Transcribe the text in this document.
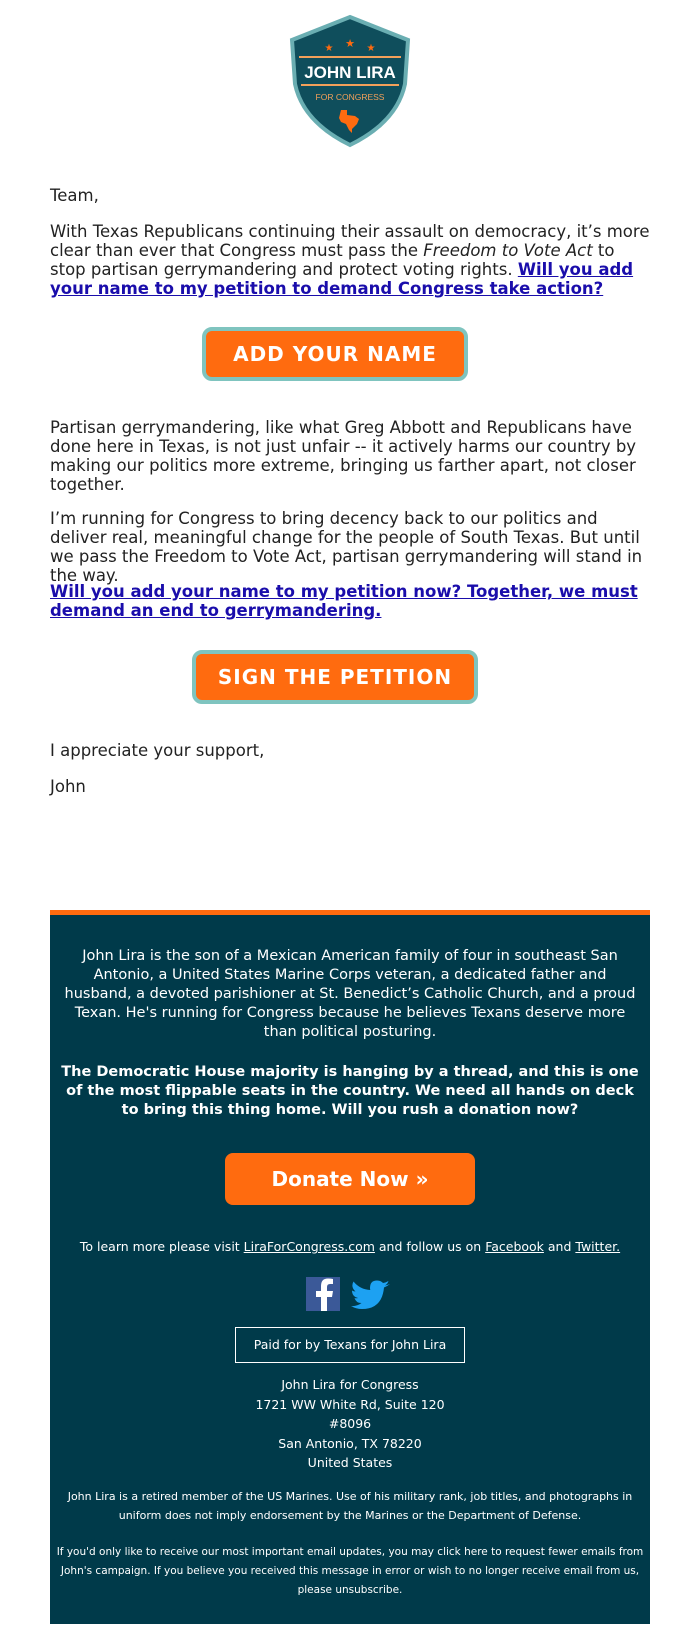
★ ★ ★
JOHN LIRA
FOR CONGRESS

Team,

With Texas Republicans continuing their assault on democracy, it’s more clear than ever that Congress must pass the Freedom to Vote Act to stop partisan gerrymandering and protect voting rights. Will you add your name to my petition to demand Congress take action?

ADD YOUR NAME

Partisan gerrymandering, like what Greg Abbott and Republicans have done here in Texas, is not just unfair -- it actively harms our country by making our politics more extreme, bringing us farther apart, not closer together.

I’m running for Congress to bring decency back to our politics and deliver real, meaningful change for the people of South Texas. But until we pass the Freedom to Vote Act, partisan gerrymandering will stand in the way.

Will you add your name to my petition now? Together, we must demand an end to gerrymandering.

SIGN THE PETITION

I appreciate your support,

John

John Lira is the son of a Mexican American family of four in southeast San Antonio, a United States Marine Corps veteran, a dedicated father and husband, a devoted parishioner at St. Benedict’s Catholic Church, and a proud Texan. He's running for Congress because he believes Texans deserve more than political posturing.
The Democratic House majority is hanging by a thread, and this is one of the most flippable seats in the country. We need all hands on deck to bring this thing home. Will you rush a donation now?
Donate Now »
To learn more please visit LiraForCongress.com and follow us on Facebook and Twitter.
Paid for by Texans for John Lira
John Lira for Congress
1721 WW White Rd, Suite 120
#8096
San Antonio, TX 78220
United States
John Lira is a retired member of the US Marines. Use of his military rank, job titles, and photographs in uniform does not imply endorsement by the Marines or the Department of Defense.
If you'd only like to receive our most important email updates, you may click here to request fewer emails from John's campaign. If you believe you received this message in error or wish to no longer receive email from us, please unsubscribe.
